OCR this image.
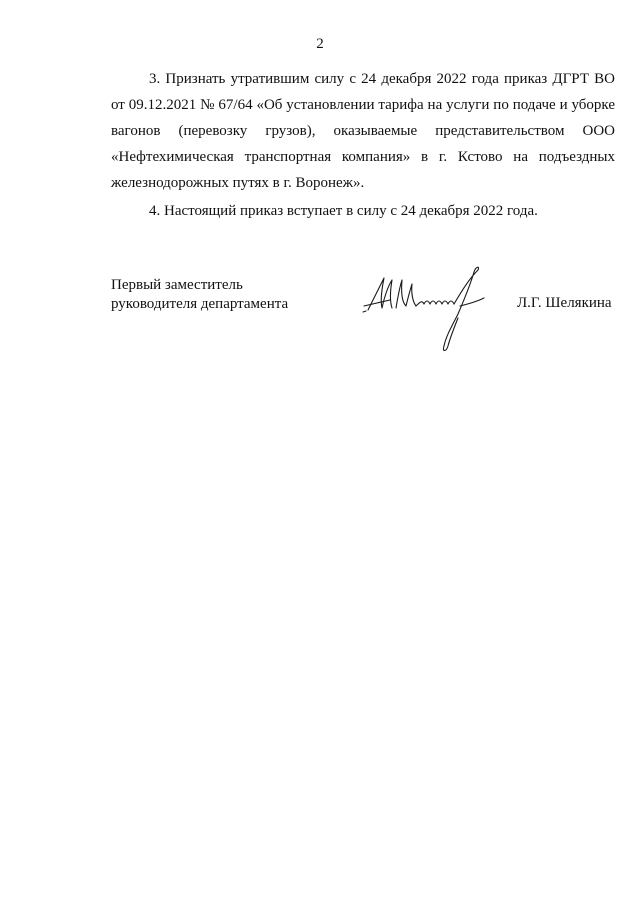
2

3. Признать утратившим силу с 24 декабря 2022 года приказ ДГРТ ВО от 09.12.2021 № 67/64 «Об установлении тарифа на услуги по подаче и уборке вагонов (перевозку грузов), оказываемые представительством ООО «Нефтехимическая транспортная компания» в г. Кстово на подъездных железнодорожных путях в г. Воронеж».

4. Настоящий приказ вступает в силу с 24 декабря 2022 года.

Первый заместитель
руководителя департамента	Л.Г. Шелякина
